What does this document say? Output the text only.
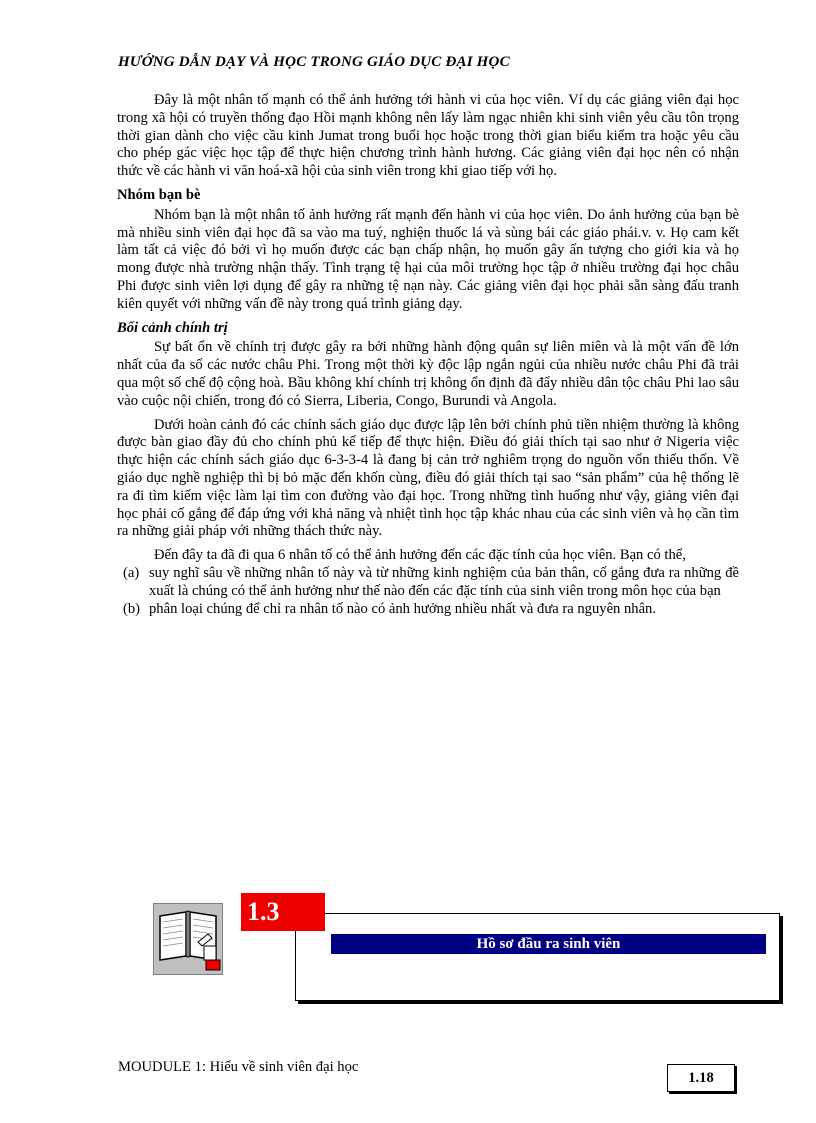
HƯỚNG DẪN DẠY VÀ HỌC TRONG GIÁO DỤC ĐẠI HỌC

Đây là một nhân tố mạnh có thể ảnh hưởng tới hành vi của học viên. Ví dụ các giảng viên đại học trong xã hội có truyền thống đạo Hồi mạnh không nên lấy làm ngạc nhiên khi sinh viên yêu cầu tôn trọng thời gian dành cho việc cầu kinh Jumat trong buổi học hoặc trong thời gian biểu kiểm tra hoặc yêu cầu cho phép gác việc học tập để thực hiện chương trình hành hương. Các giảng viên đại học nên có nhận thức về các hành vi văn hoá-xã hội của sinh viên trong khi giao tiếp với họ.

Nhóm bạn bè

Nhóm bạn là một nhân tố ảnh hưởng rất mạnh đến hành vi của học viên. Do ảnh hưởng của bạn bè mà nhiều sinh viên đại học đã sa vào ma tuý, nghiện thuốc lá và sùng bái các giáo phái.v. v. Họ cam kết làm tất cả việc đó bởi vì họ muốn được các bạn chấp nhận, họ muốn gây ấn tượng cho giới kia và họ mong được nhà trường nhận thấy. Tình trạng tệ hại của môi trường học tập ở nhiều trường đại học châu Phi được sinh viên lợi dụng để gây ra những tệ nạn này. Các giảng viên đại học phải sẵn sàng đấu tranh kiên quyết với những vấn đề này trong quá trình giảng dạy.

Bối cảnh chính trị

Sự bất ổn về chính trị được gây ra bởi những hành động quân sự liên miên và là một vấn đề lớn nhất của đa số các nước châu Phi. Trong một thời kỳ độc lập ngắn ngủi của nhiều nước châu Phi đã trải qua một số chế độ cộng hoà. Bầu không khí chính trị không ổn định đã đẩy nhiều dân tộc châu Phi lao sâu vào cuộc nội chiến, trong đó có Sierra, Liberia, Congo, Burundi và Angola.

Dưới hoàn cảnh đó các chính sách giáo dục được lập lên bởi chính phủ tiền nhiệm thường là không được bàn giao đầy đủ cho chính phủ kế tiếp để thực hiện. Điều đó giải thích tại sao như ở Nigeria việc thực hiện các chính sách giáo dục 6-3-3-4 là đang bị cản trở nghiêm trọng do nguồn vốn thiếu thốn. Về giáo dục nghề nghiệp thì bị bỏ mặc đến khốn cùng, điều đó giải thích tại sao “sản phẩm” của hệ thống lẽ ra đi tìm kiếm việc làm lại tìm con đường vào đại học. Trong những tình huống như vậy, giảng viên đại học phải cố gắng để đáp ứng với khả năng và nhiệt tình học tập khác nhau của các sinh viên và họ cần tìm ra những giải pháp với những thách thức này.

Đến đây ta đã đi qua 6 nhân tố có thể ảnh hưởng đến các đặc tính của học viên. Bạn có thể,

(a) suy nghĩ sâu về những nhân tố này và từ những kinh nghiệm của bản thân, cố gắng đưa ra những đề xuất là chúng có thể ảnh hưởng như thế nào đến các đặc tính của sinh viên trong môn học của bạn
(b) phân loại chúng để chỉ ra nhân tố nào có ảnh hưởng nhiều nhất và đưa ra nguyên nhân.
1.3
Hồ sơ đầu ra sinh viên
MOUDULE 1: Hiểu về sinh viên đại học
1.18
